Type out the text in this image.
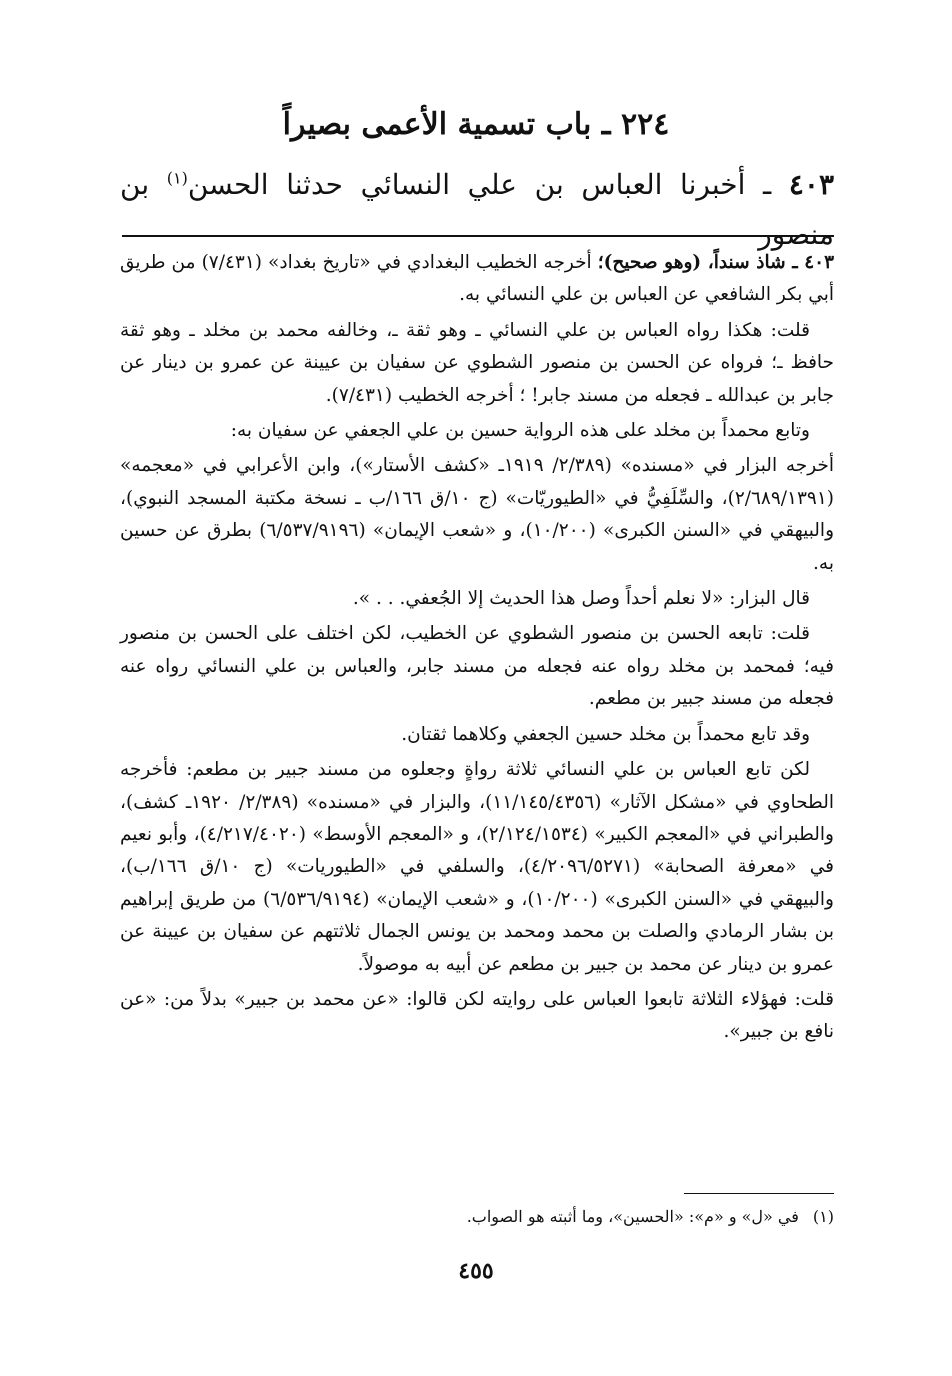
٢٢٤ ـ باب تسمية الأعمى بصيراً
٤٠٣ ـ أخبرنا العباس بن علي النسائي حدثنا الحسن$^{(١)}$ بن منصور

٤٠٣ ـ شاذ سنداً، (وهو صحيح)؛ أخرجه الخطيب البغدادي في «تاريخ بغداد» (٧/٤٣١) من طريق أبي بكر الشافعي عن العباس بن علي النسائي به.

قلت: هكذا رواه العباس بن علي النسائي ـ وهو ثقة ـ، وخالفه محمد بن مخلد ـ وهو ثقة حافظ ـ؛ فرواه عن الحسن بن منصور الشطوي عن سفيان بن عيينة عن عمرو بن دينار عن جابر بن عبدالله ـ فجعله من مسند جابر! ؛ أخرجه الخطيب (٧/٤٣١).

وتابع محمداً بن مخلد على هذه الرواية حسين بن علي الجعفي عن سفيان به:

أخرجه البزار في «مسنده» (٢/٣٨٩/ ١٩١٩ـ «كشف الأستار»)، وابن الأعرابي في «معجمه» (٢/٦٨٩/١٣٩١)، والسِّلَفِيُّ في «الطيوريّات» (ج ١٠/ق ١٦٦/ب ـ نسخة مكتبة المسجد النبوي)، والبيهقي في «السنن الكبرى» (١٠/٢٠٠)، و «شعب الإيمان» (٦/٥٣٧/٩١٩٦) بطرق عن حسين به.

قال البزار: «لا نعلم أحداً وصل هذا الحديث إلا الجُعفي. . . ».

قلت: تابعه الحسن بن منصور الشطوي عن الخطيب، لكن اختلف على الحسن بن منصور فيه؛ فمحمد بن مخلد رواه عنه فجعله من مسند جابر، والعباس بن علي النسائي رواه عنه فجعله من مسند جبير بن مطعم.

وقد تابع محمداً بن مخلد حسين الجعفي وكلاهما ثقتان.

لكن تابع العباس بن علي النسائي ثلاثة رواةٍ وجعلوه من مسند جبير بن مطعم: فأخرجه الطحاوي في «مشكل الآثار» (١١/١٤٥/٤٣٥٦)، والبزار في «مسنده» (٢/٣٨٩/ ١٩٢٠ـ كشف)، والطبراني في «المعجم الكبير» (٢/١٢٤/١٥٣٤)، و «المعجم الأوسط» (٤/٢١٧/٤٠٢٠)، وأبو نعيم في «معرفة الصحابة» (٤/٢٠٩٦/٥٢٧١)، والسلفي في «الطيوريات» (ج ١٠/ق ١٦٦/ب)، والبيهقي في «السنن الكبرى» (١٠/٢٠٠)، و «شعب الإيمان» (٦/٥٣٦/٩١٩٤) من طريق إبراهيم بن بشار الرمادي والصلت بن محمد ومحمد بن يونس الجمال ثلاثتهم عن سفيان بن عيينة عن عمرو بن دينار عن محمد بن جبير بن مطعم عن أبيه به موصولاً.

قلت: فهؤلاء الثلاثة تابعوا العباس على روايته لكن قالوا: «عن محمد بن جبير» بدلاً من: «عن نافع بن جبير».

(١)في «ل» و «م»: «الحسين»، وما أثبته هو الصواب.
٤٥٥
